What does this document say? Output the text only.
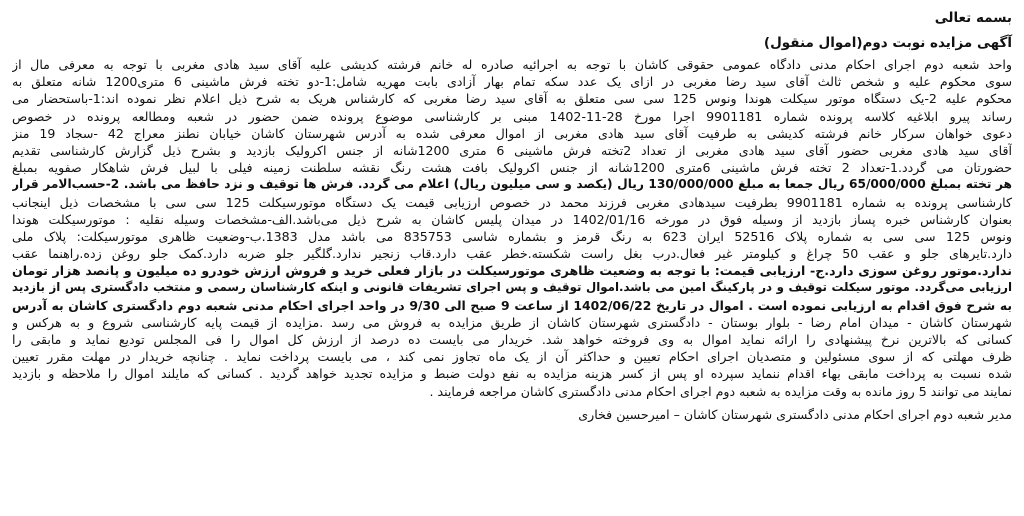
بسمه تعالی
آگهی مزایده نوبت دوم(اموال منقول)
واحد شعبه دوم اجرای احکام مدنی دادگاه عمومی حقوقی کاشان با توجه به اجرائیه صادره له خانم فرشته کدیشی علیه آقای سید هادی مغربی با توجه به معرفی مال از
سوی محکوم علیه و شخص ثالث آقای سید رضا مغربی در ازای یک عدد سکه تمام بهار آزادی بابت مهریه شامل:1-دو تخته فرش ماشینی 6 متری1200 شانه متعلق به
محکوم علیه 2-یک دستگاه موتور سیکلت هوندا ونوس 125 سی سی متعلق به آقای سید رضا مغربی که کارشناس هریک به شرح ذیل اعلام نظر نموده اند:1-باستحضار می
رساند پیرو ابلاغیه کلاسه پرونده شماره 9901181 اجرا مورخ 28-11-1402 مبنی بر کارشناسی موضوع پرونده ضمن حضور در شعبه ومطالعه پرونده در خصوص
دعوی خواهان سرکار خانم فرشته کدیشی به طرفیت آقای سید هادی مغربی از اموال معرفی شده به آدرس شهرستان کاشان خیابان نطنز معراج 42 -سجاد 19 منز
آقای سید هادی مغربی حضور آقای سید هادی مغربی از تعداد 2تخته فرش ماشینی 6 متری 1200شانه از جنس اکرولیک بازدید و بشرح ذیل گزارش کارشناسی تقدیم
حضورتان می گردد.1-تعداد 2 تخته فرش ماشینی 6متری 1200شانه از جنس اکرولیک بافت هشت رنگ نقشه سلطنت زمینه فیلی با لبیل فرش شاهکار صفویه بمبلغ
هر تخته بمبلغ 65/000/000 ریال جمعا به مبلغ 130/000/000 ریال (یکصد و سی میلیون ریال) اعلام می گردد. فرش ها توقیف و نزد حافظ می باشد. 2-حسب‌الامر قرار
کارشناسی پرونده به شماره 9901181 بطرفیت سیدهادی مغربی فرزند محمد در خصوص ارزیابی قیمت یک دستگاه موتورسیکلت 125 سی سی با مشخصات ذیل اینجانب
بعنوان کارشناس خبره پساز بازدید از وسیله فوق در مورخه 1402/01/16 در میدان پلیس کاشان به شرح ذیل می‌باشد.الف-مشخصات وسیله نقلیه : موتورسیکلت هوندا
ونوس 125 سی سی به شماره پلاک 52516 ایران 623 به رنگ قرمز و بشماره شاسی 835753 می باشد مدل 1383.ب-وضعیت ظاهری موتورسیکلت: پلاک ملی
دارد.تایرهای جلو و عقب 50 چراغ و کیلومتر غیر فعال.درب بغل راست شکسته.خطر عقب دارد.قاب زنجیر ندارد.گلگیر جلو ضربه دارد.کمک جلو روغن زده.راهنما عقب
ندارد.موتور روغن سوزی دارد.ج- ارزیابی قیمت: با توجه به وضعیت ظاهری موتورسیکلت در بازار فعلی خرید و فروش ارزش خودرو ده میلیون و پانصد هزار تومان
ارزیابی می‌گردد. موتور سیکلت توقیف و در پارکینگ امین می باشد.اموال توقیف و پس اجرای تشریفات قانونی و اینکه کارشناسان رسمی و منتخب دادگستری پس از بازدید
به شرح فوق اقدام به ارزیابی نموده است . اموال در تاریخ 1402/06/22 از ساعت 9 صبح الی 9/30 در واحد اجرای احکام مدنی شعبه دوم دادگستری کاشان به آدرس
شهرستان کاشان - میدان امام رضا - بلوار بوستان - دادگستری شهرستان کاشان از طریق مزایده به فروش می رسد .مزایده از قیمت پایه کارشناسی شروع و به هرکس و
کسانی که بالاترین نرخ پیشنهادی را ارائه نماید اموال به وی فروخته خواهد شد. خریدار می بایست ده درصد از ارزش کل اموال را فی المجلس تودیع نماید و مابقی را
ظرف مهلتی که از سوی مسئولین و متصدیان اجرای احکام تعیین و حداکثر آن از یک ماه تجاوز نمی کند ، می بایست پرداخت نماید . چنانچه خریدار در مهلت مقرر تعیین
شده نسبت به پرداخت مابقی بهاء اقدام ننماید سپرده او پس از کسر هزینه مزایده به نفع دولت ضبط و مزایده تجدید خواهد گردید . کسانی که مایلند اموال را ملاحظه و بازدید
نمایند می توانند 5 روز مانده به وقت مزایده به شعبه دوم اجرای احکام مدنی دادگستری کاشان مراجعه فرمایند .
مدیر شعبه دوم اجرای احکام مدنی دادگستری شهرستان کاشان – امیرحسین فخاری
